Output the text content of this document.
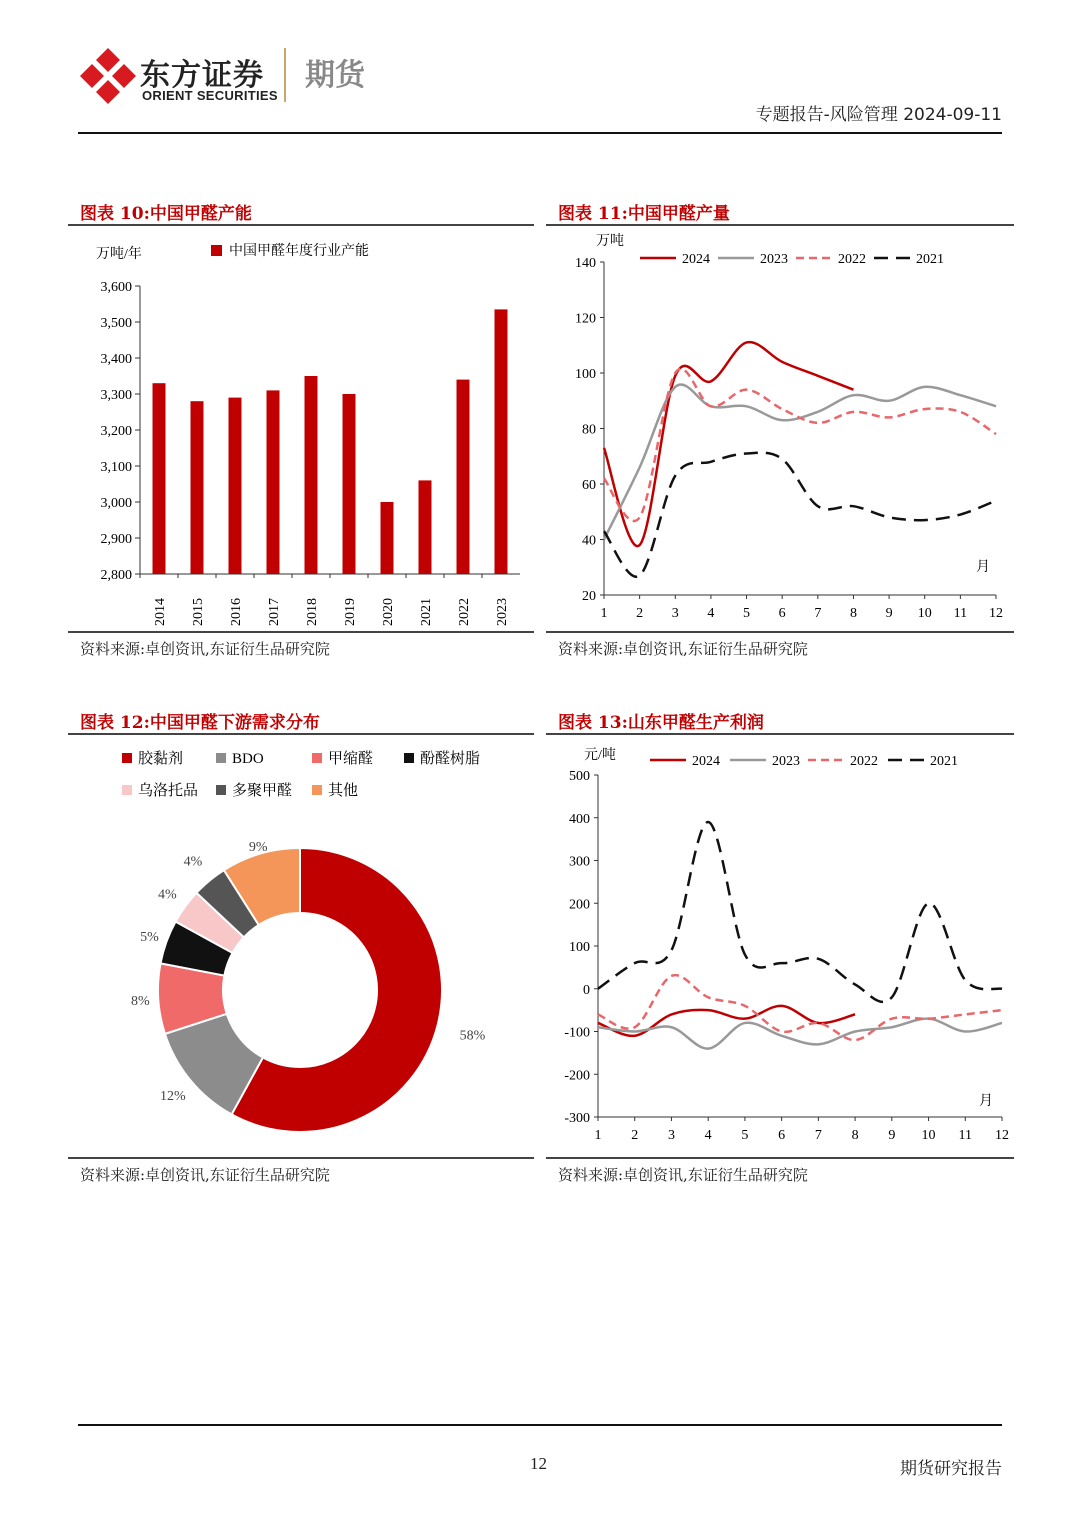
东方证券
ORIENT SECURITIES
期货
专题报告-风险管理 2024-09-11
图表 10:中国甲醛产能
万吨/年	中国甲醛年度行业产能
2,800
2,900
3,000
3,100
3,200
3,300
3,400
3,500
3,600
2014 2015 2016 2017 2018 2019 2020 2021 2022 2023
资料来源:卓创资讯,东证衍生品研究院
图表 11:中国甲醛产量
万吨
20
40
60
80
100
120
140
1 2 3 4 5 6 7 8 9 10 11 12
月
2024	2023	2022	2021
资料来源:卓创资讯,东证衍生品研究院
图表 12:中国甲醛下游需求分布
胶黏剂	BDO	甲缩醛	酚醛树脂
乌洛托品 多聚甲醛 其他
58%
12%
8%
5%
4%
4%
9%
资料来源:卓创资讯,东证衍生品研究院
图表 13:山东甲醛生产利润
元/吨
-300
-200
-100
0
100
200
300
400
500
1 2 3 4 5 6 7 8 9 10 11 12
月
2024	2023	2022	2021
资料来源:卓创资讯,东证衍生品研究院
12	期货研究报告
